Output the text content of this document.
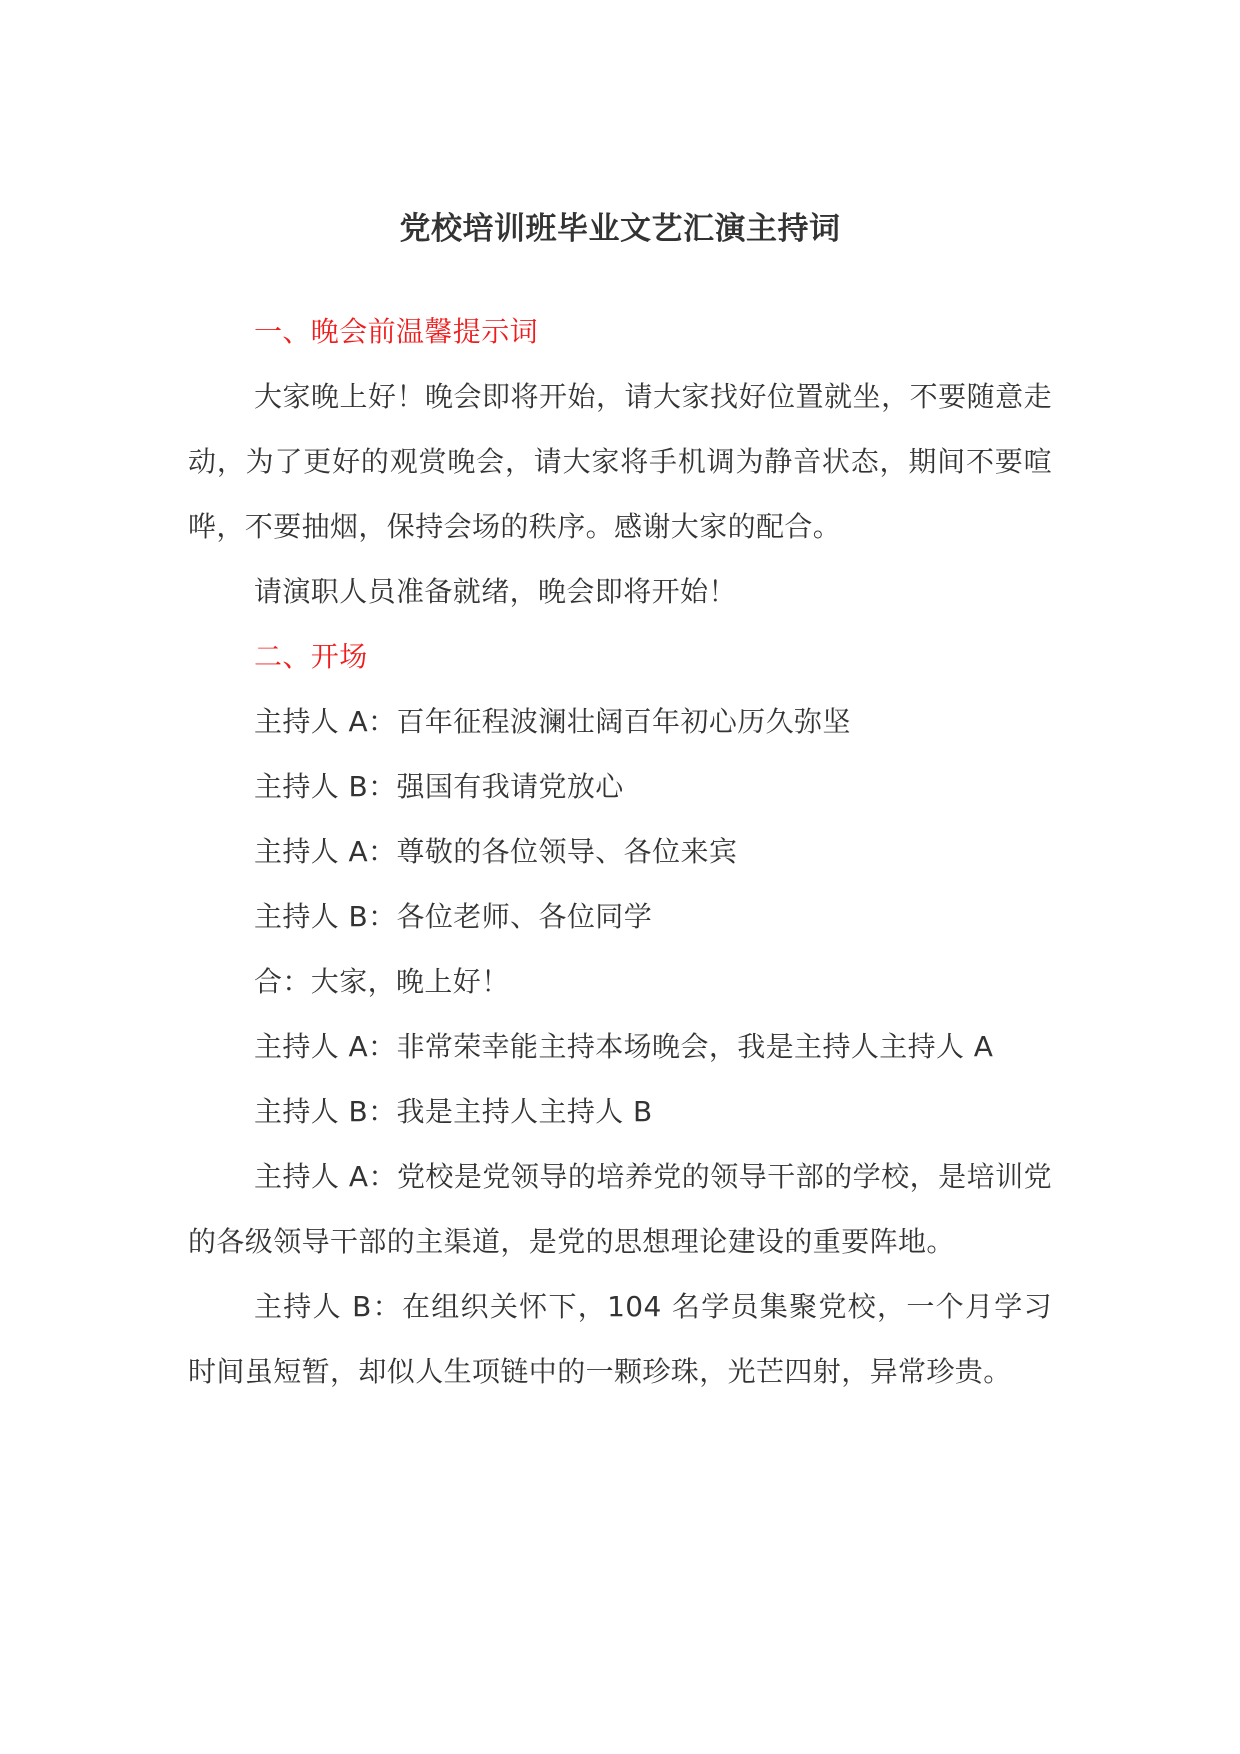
党校培训班毕业文艺汇演主持词

一、晚会前温馨提示词

大家晚上好！晚会即将开始，请大家找好位置就坐，不要随意走动，为了更好的观赏晚会，请大家将手机调为静音状态，期间不要喧哗，不要抽烟，保持会场的秩序。感谢大家的配合。

请演职人员准备就绪，晚会即将开始！

二、开场

主持人 A：百年征程波澜壮阔百年初心历久弥坚

主持人 B：强国有我请党放心

主持人 A：尊敬的各位领导、各位来宾

主持人 B：各位老师、各位同学

合：大家，晚上好！

主持人 A：非常荣幸能主持本场晚会，我是主持人主持人 A

主持人 B：我是主持人主持人 B

主持人 A：党校是党领导的培养党的领导干部的学校，是培训党的各级领导干部的主渠道，是党的思想理论建设的重要阵地。

主持人 B：在组织关怀下，104 名学员集聚党校，一个月学习时间虽短暂，却似人生项链中的一颗珍珠，光芒四射，异常珍贵。
